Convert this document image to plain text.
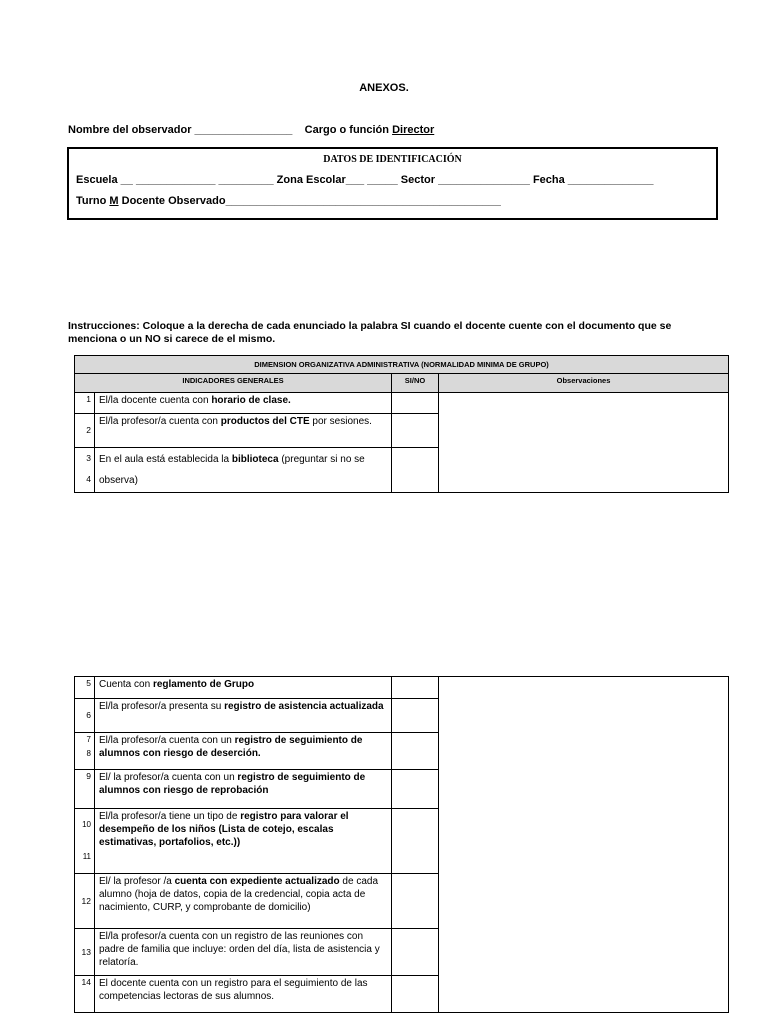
ANEXOS.
Nombre del observador ________________ Cargo o función Director
DATOS DE IDENTIFICACIÓN
Escuela __ _____________ _________ Zona Escolar___ _____ Sector _______________ Fecha ______________
Turno M Docente Observado_____________________________________________
Instrucciones: Coloque a la derecha de cada enunciado la palabra SI cuando el docente cuente con el documento que se menciona o un NO si carece de el mismo.
DIMENSION ORGANIZATIVA ADMINISTRATIVA (NORMALIDAD MINIMA DE GRUPO)			
INDICADORES GENERALES		SI/NO	Observaciones
1	El/la docente cuenta con horario de clase.		
2	El/la profesor/a cuenta con productos del CTE por sesiones.		
3
4	En el aula está establecida la biblioteca (preguntar si no se observa)		
5	Cuenta con reglamento de Grupo		
6	El/la profesor/a presenta su registro de asistencia actualizada		
7
8	El/la profesor/a cuenta con un registro de seguimiento de alumnos con riesgo de deserción.		
9	El/ la profesor/a cuenta con un registro de seguimiento de alumnos con riesgo de reprobación		
10
11	El/la profesor/a tiene un tipo de registro para valorar el desempeño de los niños (Lista de cotejo, escalas estimativas, portafolios, etc.))		
12	El/ la profesor /a cuenta con expediente actualizado de cada alumno (hoja de datos, copia de la credencial, copia acta de nacimiento, CURP, y comprobante de domicilio)		
13	El/la profesor/a cuenta con un registro de las reuniones con padre de familia que incluye: orden del día, lista de asistencia y relatoría.		
14	El docente cuenta con un registro para el seguimiento de las competencias lectoras de sus alumnos.		
